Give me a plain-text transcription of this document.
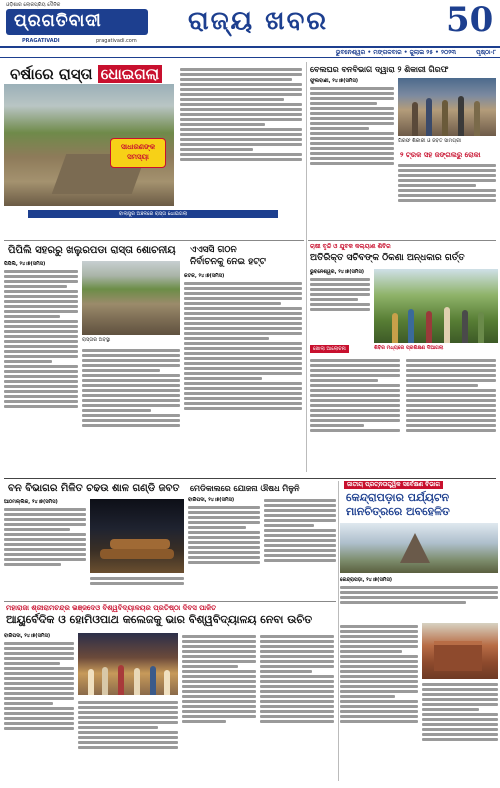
ଓଡ଼ିଶାର ଲୋକପ୍ରିୟ ଦୈନିକ
ପ୍ରଗତିବାଦୀ
PRAGATIVADI	pragativadi.com
ରାଜ୍ୟ ଖବର	50
ଭୁବନେଶ୍ୱର • ମଙ୍ଗଳବାର • ଜୁଲାଇ ୨୫ • ୨୦୨୩	ପୃଷ୍ଠା-୮
ବର୍ଷାରେ ରାସ୍ତା ଧୋଇଗଲା
ସାଧାରଣଙ୍କ ସମସ୍ୟା
ବାଲାସୁର ଅଞ୍ଚଳରେ ରାସ୍ତା ଧୋଇଗଲା
ବେଲଘର ବନବିଭାଗ ଦ୍ୱାରା ୨ ଶିକାରୀ ଗିରଫ
ଫୁଲବାଣୀ, ୨୪।୭(ସମିସ)
ଗିରଫ ଶିକାରୀ ଓ ଜବତ ସାମଗ୍ରୀ
୨ ଟ୍ରକ ସହ ଜଙ୍ଗଲରୁ ରୋକା
ପିପିଲି ସହରରୁ ଖଲୁରପଡା ରାସ୍ତା ଶୋଚନୀୟ
ପିପିଲି, ୨୪।୭(ସମିସ)
ରାସ୍ତାର ଅବସ୍ଥା
ଏଏସସି ଗଠନ
ନିର୍ବାଚନକୁ ନେଇ ହଟ୍ଟ
କଟକ, ୨୪।୭(ସମିସ)
ଚାଷୀ ବୃନ୍ଦି ଓ ଯୁବକ କଲ୍ୟାଣ ଶିବିର
ଅତିରିକ୍ତ ସଚିବଙ୍କ ଠିକଣା ଅନ୍ଧକାର ଗର୍ତ୍ତ
ଭୁବନେଶ୍ୱର, ୨୪।୭(ସମିସ)
ଖୋଲା ଆଲୋଚନା	ଶିବିର ମଧ୍ୟରେ ପ୍ରଶିକ୍ଷଣ ଦିଆଗଲା
ବନ ବିଭାଗର ମିଳିତ ଚଢଉ ଶାଳ ଗଣ୍ଡି ଜବତ
ଆଠମଲ୍ଲିକ, ୨୪।୭(ସମିସ)
ମେଡିକାଲରେ ଯୋଜନା ଔଷଧ ମିଳୁନି
ବାରିପଦା, ୨୪।୭(ସମିସ)
ଜାତୀୟ ପ୍ରତ୍ନତାତ୍ତ୍ୱିକ ସର୍ବେକ୍ଷଣ ବିଭାଗ
କେନ୍ଦ୍ରାପଡ଼ାର ପର୍ଯ୍ୟଟନ
ମାନଚିତ୍ରରେ ଅବହେଳିତ
କେନ୍ଦ୍ରାପଡ଼ା, ୨୪।୭(ସମିସ)
ମହାରାଜା ଶ୍ରୀରାମଚନ୍ଦ୍ର ଭଞ୍ଜଦେଓ ବିଶ୍ୱବିଦ୍ୟାଳୟର ପ୍ରତିଷ୍ଠା ଦିବସ ପାଳିତ
ଆୟୁର୍ବେଦିକ ଓ ହୋମିଓପାଥ କଲେଜକୁ ଭାର ବିଶ୍ୱବିଦ୍ୟାଳୟ ନେବା ଉଚିତ
ବାରିପଦା, ୨୪।୭(ସମିସ)
